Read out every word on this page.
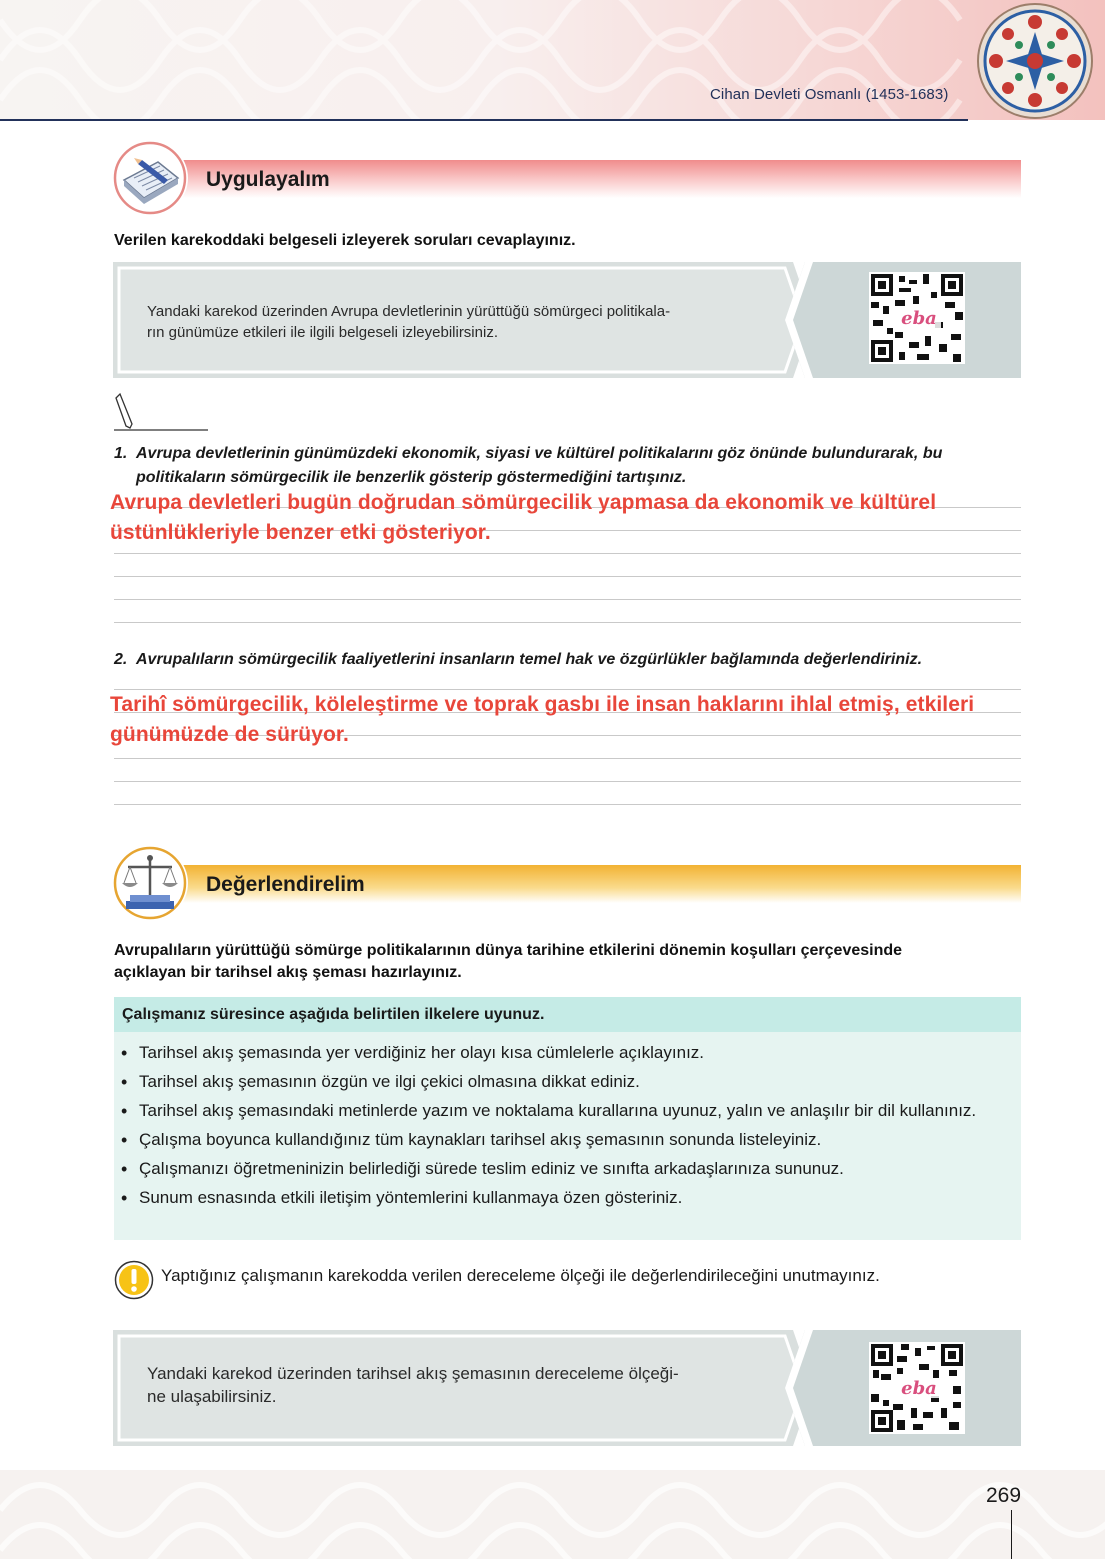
Cihan Devleti Osmanlı (1453-1683)
Uygulayalım
Verilen karekoddaki belgeseli izleyerek soruları cevaplayınız.
Yandaki karekod üzerinden Avrupa devletlerinin yürüttüğü sömürgeci politikala-
rın günümüze etkileri ile ilgili belgeseli izleyebilirsiniz.
eba
1. Avrupa devletlerinin günümüzdeki ekonomik, siyasi ve kültürel politikalarını göz önünde bulundurarak, bu
politikaların sömürgecilik ile benzerlik gösterip göstermediğini tartışınız.
Avrupa devletleri bugün doğrudan sömürgecilik yapmasa da ekonomik ve kültürel
üstünlükleriyle benzer etki gösteriyor.
2. Avrupalıların sömürgecilik faaliyetlerini insanların temel hak ve özgürlükler bağlamında değerlendiriniz.
Tarihî sömürgecilik, köleleştirme ve toprak gasbı ile insan haklarını ihlal etmiş, etkileri
günümüzde de sürüyor.
Değerlendirelim
Avrupalıların yürüttüğü sömürge politikalarının dünya tarihine etkilerini dönemin koşulları çerçevesinde
açıklayan bir tarihsel akış şeması hazırlayınız.
Çalışmanız süresince aşağıda belirtilen ilkelere uyunuz.
• Tarihsel akış şemasında yer verdiğiniz her olayı kısa cümlelerle açıklayınız.
• Tarihsel akış şemasının özgün ve ilgi çekici olmasına dikkat ediniz.
• Tarihsel akış şemasındaki metinlerde yazım ve noktalama kurallarına uyunuz, yalın ve anlaşılır bir dil kullanınız.
• Çalışma boyunca kullandığınız tüm kaynakları tarihsel akış şemasının sonunda listeleyiniz.
• Çalışmanızı öğretmeninizin belirlediği sürede teslim ediniz ve sınıfta arkadaşlarınıza sununuz.
• Sunum esnasında etkili iletişim yöntemlerini kullanmaya özen gösteriniz.
Yaptığınız çalışmanın karekodda verilen dereceleme ölçeği ile değerlendirileceğini unutmayınız.
Yandaki karekod üzerinden tarihsel akış şemasının dereceleme ölçeği-
ne ulaşabilirsiniz.	eba
269
